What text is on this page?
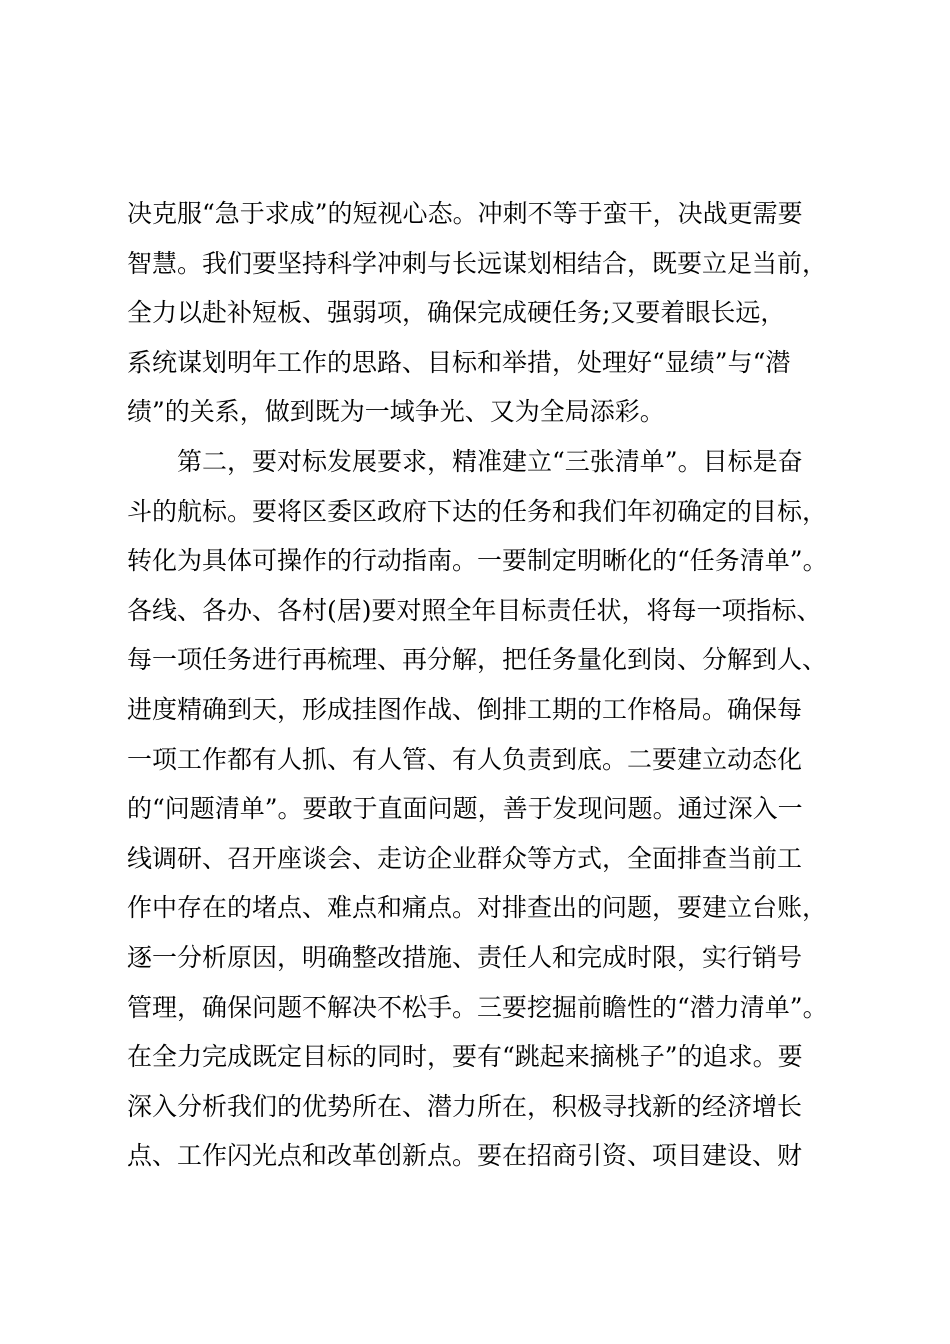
决克服“急于求成”的短视心态。冲刺不等于蛮干，决战更需要
智慧。我们要坚持科学冲刺与长远谋划相结合，既要立足当前，
全力以赴补短板、强弱项，确保完成硬任务;又要着眼长远，
系统谋划明年工作的思路、目标和举措，处理好“显绩”与“潜
绩”的关系，做到既为一域争光、又为全局添彩。
第二，要对标发展要求，精准建立“三张清单”。目标是奋
斗的航标。要将区委区政府下达的任务和我们年初确定的目标，
转化为具体可操作的行动指南。一要制定明晰化的“任务清单”。
各线、各办、各村(居)要对照全年目标责任状，将每一项指标、
每一项任务进行再梳理、再分解，把任务量化到岗、分解到人、
进度精确到天，形成挂图作战、倒排工期的工作格局。确保每
一项工作都有人抓、有人管、有人负责到底。二要建立动态化
的“问题清单”。要敢于直面问题，善于发现问题。通过深入一
线调研、召开座谈会、走访企业群众等方式，全面排查当前工
作中存在的堵点、难点和痛点。对排查出的问题，要建立台账，
逐一分析原因，明确整改措施、责任人和完成时限，实行销号
管理，确保问题不解决不松手。三要挖掘前瞻性的“潜力清单”。
在全力完成既定目标的同时，要有“跳起来摘桃子”的追求。要
深入分析我们的优势所在、潜力所在，积极寻找新的经济增长
点、工作闪光点和改革创新点。要在招商引资、项目建设、财
